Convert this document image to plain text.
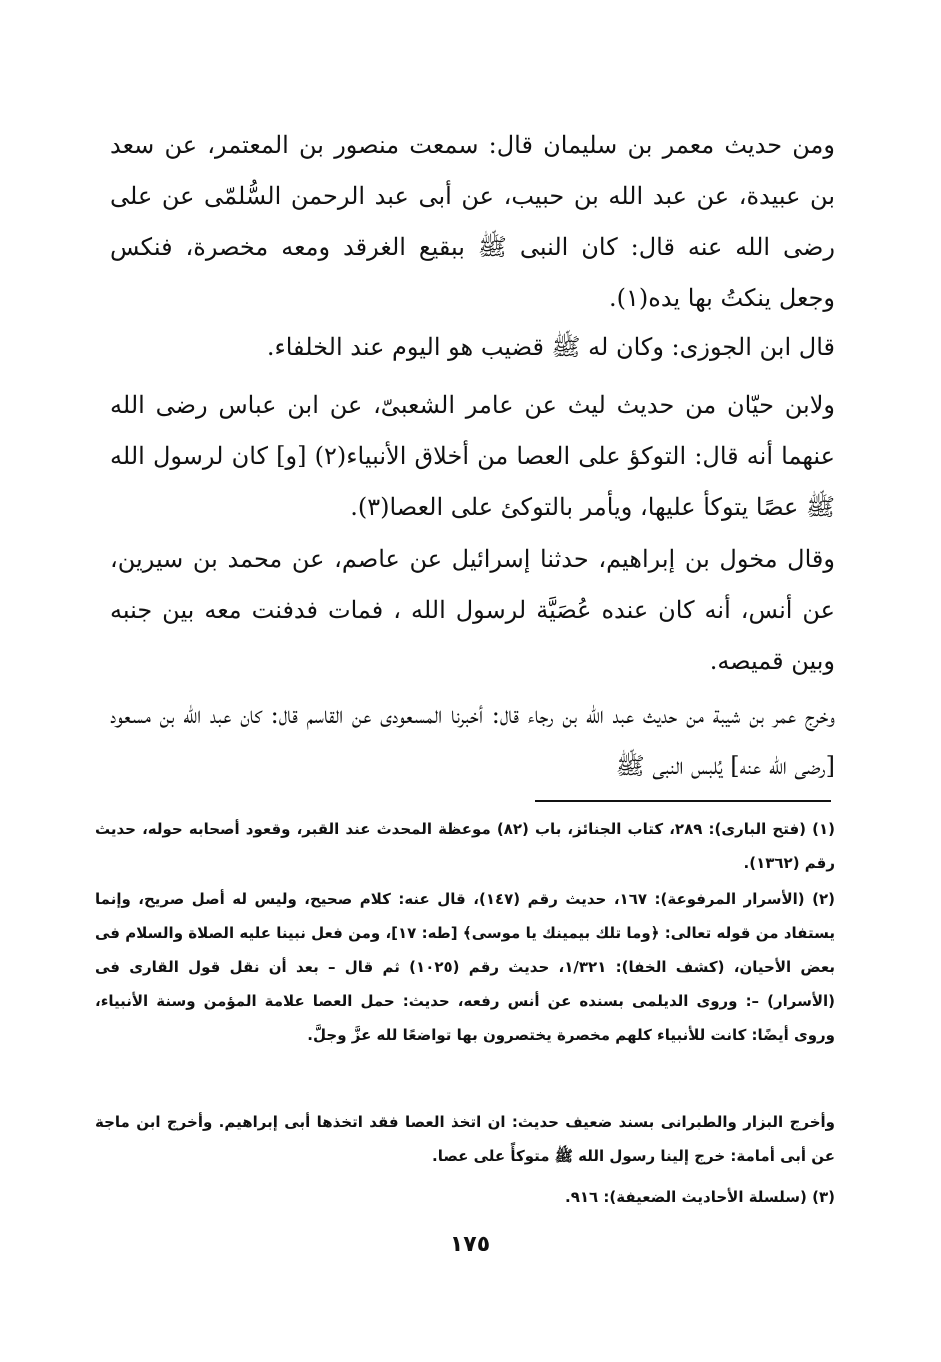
ومن حديث معمر بن سليمان قال: سمعت منصور بن المعتمر، عن سعد بن عبيدة، عن عبد الله بن حبيب، عن أبى عبد الرحمن السُّلمّى عن على رضى الله عنه قال: كان النبى ﷺ ببقيع الغرقد ومعه مخصرة، فنكس وجعل ينكتُ بها يده(١).

قال ابن الجوزى: وكان له ﷺ قضيب هو اليوم عند الخلفاء.

ولابن حيّان من حديث ليث عن عامر الشعبىّ، عن ابن عباس رضى الله عنهما أنه قال: التوكؤ على العصا من أخلاق الأنبياء(٢) [و] كان لرسول الله ﷺ عصًا يتوكأ عليها، ويأمر بالتوكئ على العصا(٣).

وقال مخول بن إبراهيم، حدثنا إسرائيل عن عاصم، عن محمد بن سيرين، عن أنس، أنه كان عنده عُصَيَّة لرسول الله ، فمات فدفنت معه بين جنبه وبين قميصه.

وخرج عمر بن شيبة من حديث عبد الله بن رجاء قال: أخبرنا المسعودى عن القاسم قال: كان عبد الله بن مسعود [رضى الله عنه] يُلبس النبى ﷺ

(١) (فتح البارى): ٢٨٩، كتاب الجنائز، باب (٨٢) موعظة المحدث عند القبر، وقعود أصحابه حوله، حديث رقم (١٣٦٢).

(٢) (الأسرار المرفوعة): ١٦٧، حديث رقم (١٤٧)، قال عنه: كلام صحيح، وليس له أصل صريح، وإنما يستفاد من قوله تعالى: ﴿وما تلك بيمينك يا موسى﴾ [طه: ١٧]، ومن فعل نبينا عليه الصلاة والسلام فى بعض الأحيان، (كشف الخفا): ١/٣٢١، حديث رقم (١٠٢٥) ثم قال – بعد أن نقل قول القارى فى (الأسرار) –: وروى الديلمى بسنده عن أنس رفعه، حديث: حمل العصا علامة المؤمن وسنة الأنبياء، وروى أيضًا: كانت للأنبياء كلهم مخصرة يختصرون بها تواضعًا لله عزَّ وجلَّ.

وأخرج البزار والطبرانى بسند ضعيف حديث: ان اتخذ العصا فقد اتخذها أبى إبراهيم. وأخرج ابن ماجة عن أبى أمامة: خرج إلينا رسول الله ﷺ متوكأً على عصا.

(٣) (سلسلة الأحاديث الضعيفة): ٩١٦.

١٧٥
